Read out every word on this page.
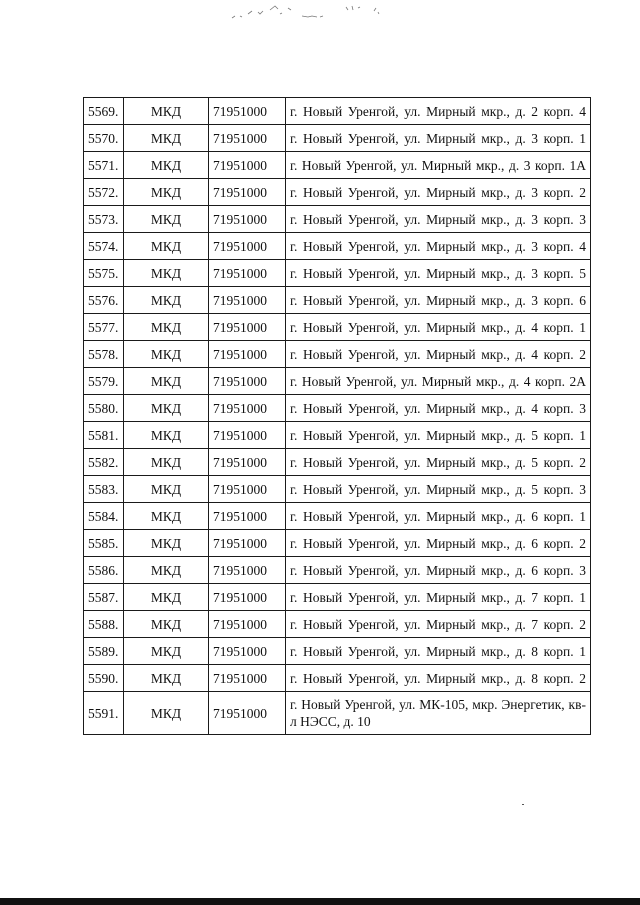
5569.	МКД	71951000	г. Новый Уренгой, ул. Мирный мкр., д. 2 корп. 4
5570.	МКД	71951000	г. Новый Уренгой, ул. Мирный мкр., д. 3 корп. 1
5571.	МКД	71951000	г. Новый Уренгой, ул. Мирный мкр., д. 3 корп. 1А
5572.	МКД	71951000	г. Новый Уренгой, ул. Мирный мкр., д. 3 корп. 2
5573.	МКД	71951000	г. Новый Уренгой, ул. Мирный мкр., д. 3 корп. 3
5574.	МКД	71951000	г. Новый Уренгой, ул. Мирный мкр., д. 3 корп. 4
5575.	МКД	71951000	г. Новый Уренгой, ул. Мирный мкр., д. 3 корп. 5
5576.	МКД	71951000	г. Новый Уренгой, ул. Мирный мкр., д. 3 корп. 6
5577.	МКД	71951000	г. Новый Уренгой, ул. Мирный мкр., д. 4 корп. 1
5578.	МКД	71951000	г. Новый Уренгой, ул. Мирный мкр., д. 4 корп. 2
5579.	МКД	71951000	г. Новый Уренгой, ул. Мирный мкр., д. 4 корп. 2А
5580.	МКД	71951000	г. Новый Уренгой, ул. Мирный мкр., д. 4 корп. 3
5581.	МКД	71951000	г. Новый Уренгой, ул. Мирный мкр., д. 5 корп. 1
5582.	МКД	71951000	г. Новый Уренгой, ул. Мирный мкр., д. 5 корп. 2
5583.	МКД	71951000	г. Новый Уренгой, ул. Мирный мкр., д. 5 корп. 3
5584.	МКД	71951000	г. Новый Уренгой, ул. Мирный мкр., д. 6 корп. 1
5585.	МКД	71951000	г. Новый Уренгой, ул. Мирный мкр., д. 6 корп. 2
5586.	МКД	71951000	г. Новый Уренгой, ул. Мирный мкр., д. 6 корп. 3
5587.	МКД	71951000	г. Новый Уренгой, ул. Мирный мкр., д. 7 корп. 1
5588.	МКД	71951000	г. Новый Уренгой, ул. Мирный мкр., д. 7 корп. 2
5589.	МКД	71951000	г. Новый Уренгой, ул. Мирный мкр., д. 8 корп. 1
5590.	МКД	71951000	г. Новый Уренгой, ул. Мирный мкр., д. 8 корп. 2
5591.	МКД	71951000	г. Новый Уренгой, ул. МК-105, мкр. Энергетик, кв-л НЭСС, д. 10
